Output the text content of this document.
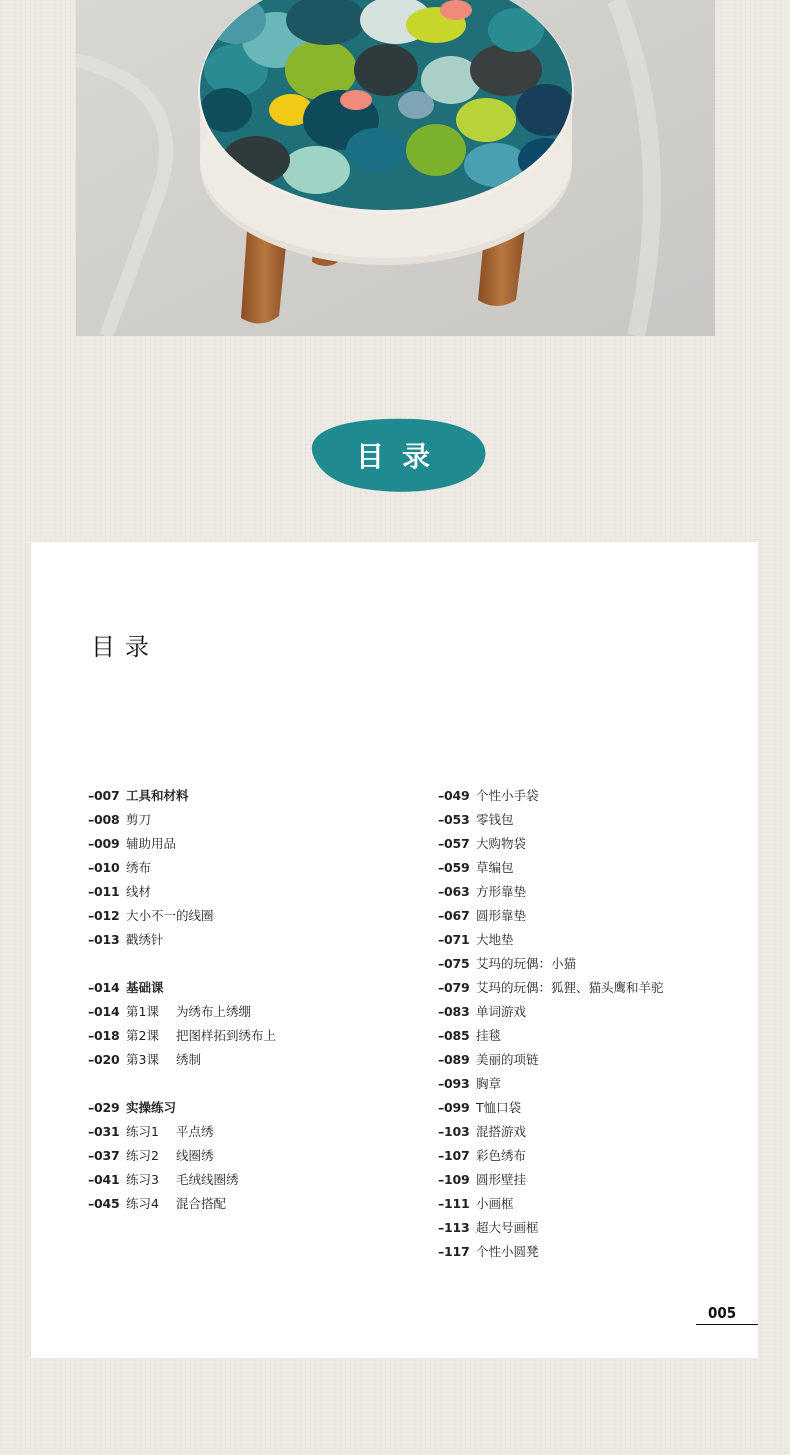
目录
目录
–007 工具和材料
–008 剪刀
–009 辅助用品
–010 绣布
–011 线材
–012 大小不一的线圈
–013 戳绣针
–014 基础课
–014 第1课	为绣布上绣绷
–018 第2课	把图样拓到绣布上
–020 第3课	绣制
–029 实操练习
–031 练习1	平点绣
–037 练习2	线圈绣
–041 练习3	毛绒线圈绣
–045 练习4	混合搭配
–049 个性小手袋
–053 零钱包
–057 大购物袋
–059 草编包
–063 方形靠垫
–067 圆形靠垫
–071 大地垫
–075 艾玛的玩偶：小猫
–079 艾玛的玩偶：狐狸、猫头鹰和羊驼
–083 单词游戏
–085 挂毯
–089 美丽的项链
–093 胸章
–099 T恤口袋
–103 混搭游戏
–107 彩色绣布
–109 圆形壁挂
–111 小画框
–113 超大号画框
–117 个性小圆凳
005
